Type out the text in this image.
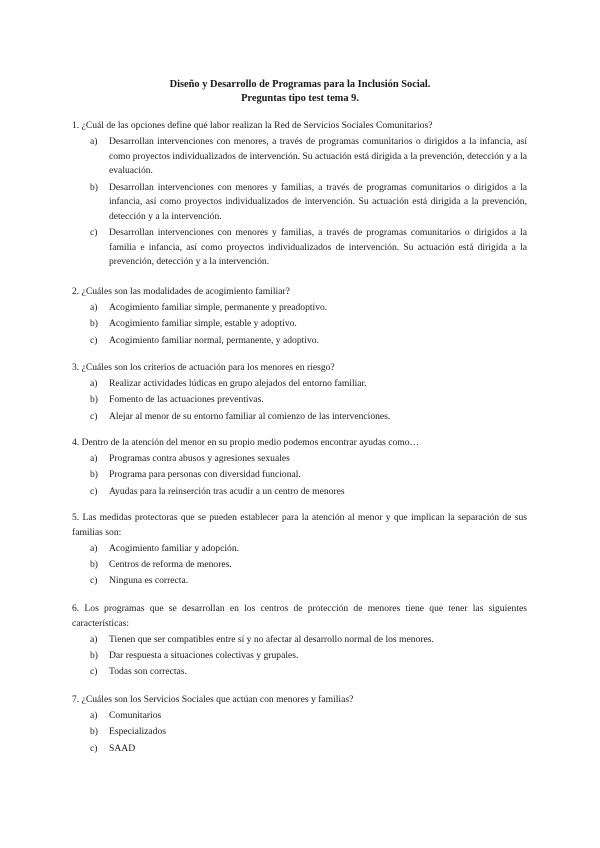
Diseño y Desarrollo de Programas para la Inclusión Social.
Preguntas tipo test tema 9.
1. ¿Cuál de las opciones define qué labor realizan la Red de Servicios Sociales Comunitarios?
a)	Desarrollan intervenciones con menores, a través de programas comunitarios o dirigidos a la infancia, así como proyectos individualizados de intervención. Su actuación está dirigida a la prevención, detección y a la evaluación.
b)	Desarrollan intervenciones con menores y familias, a través de programas comunitarios o dirigidos a la infancia, así como proyectos individualizados de intervención. Su actuación está dirigida a la prevención, detección y a la intervención.
c)	Desarrollan intervenciones con menores y familias, a través de programas comunitarios o dirigidos a la familia e infancia, así como proyectos individualizados de intervención. Su actuación está dirigida a la prevención, detección y a la intervención.
2. ¿Cuáles son las modalidades de acogimiento familiar?
a)	Acogimiento familiar simple, permanente y preadoptivo.
b)	Acogimiento familiar simple, estable y adoptivo.
c)	Acogimiento familiar normal, permanente, y adoptivo.
3. ¿Cuáles son los criterios de actuación para los menores en riesgo?
a)	Realizar actividades lúdicas en grupo alejados del entorno familiar.
b)	Fomento de las actuaciones preventivas.
c)	Alejar al menor de su entorno familiar al comienzo de las intervenciones.
4. Dentro de la atención del menor en su propio medio podemos encontrar ayudas como…
a)	Programas contra abusos y agresiones sexuales
b)	Programa para personas con diversidad funcional.
c)	Ayudas para la reinserción tras acudir a un centro de menores
5. Las medidas protectoras que se pueden establecer para la atención al menor y que implican la separación de sus familias son:
a)	Acogimiento familiar y adopción.
b)	Centros de reforma de menores.
c)	Ninguna es correcta.
6. Los programas que se desarrollan en los centros de protección de menores tiene que tener las siguientes características:
a)	Tienen que ser compatibles entre sí y no afectar al desarrollo normal de los menores.
b)	Dar respuesta a situaciones colectivas y grupales.
c)	Todas son correctas.
7. ¿Cuáles son los Servicios Sociales que actúan con menores y familias?
a)	Comunitarios
b)	Especializados
c)	SAAD
